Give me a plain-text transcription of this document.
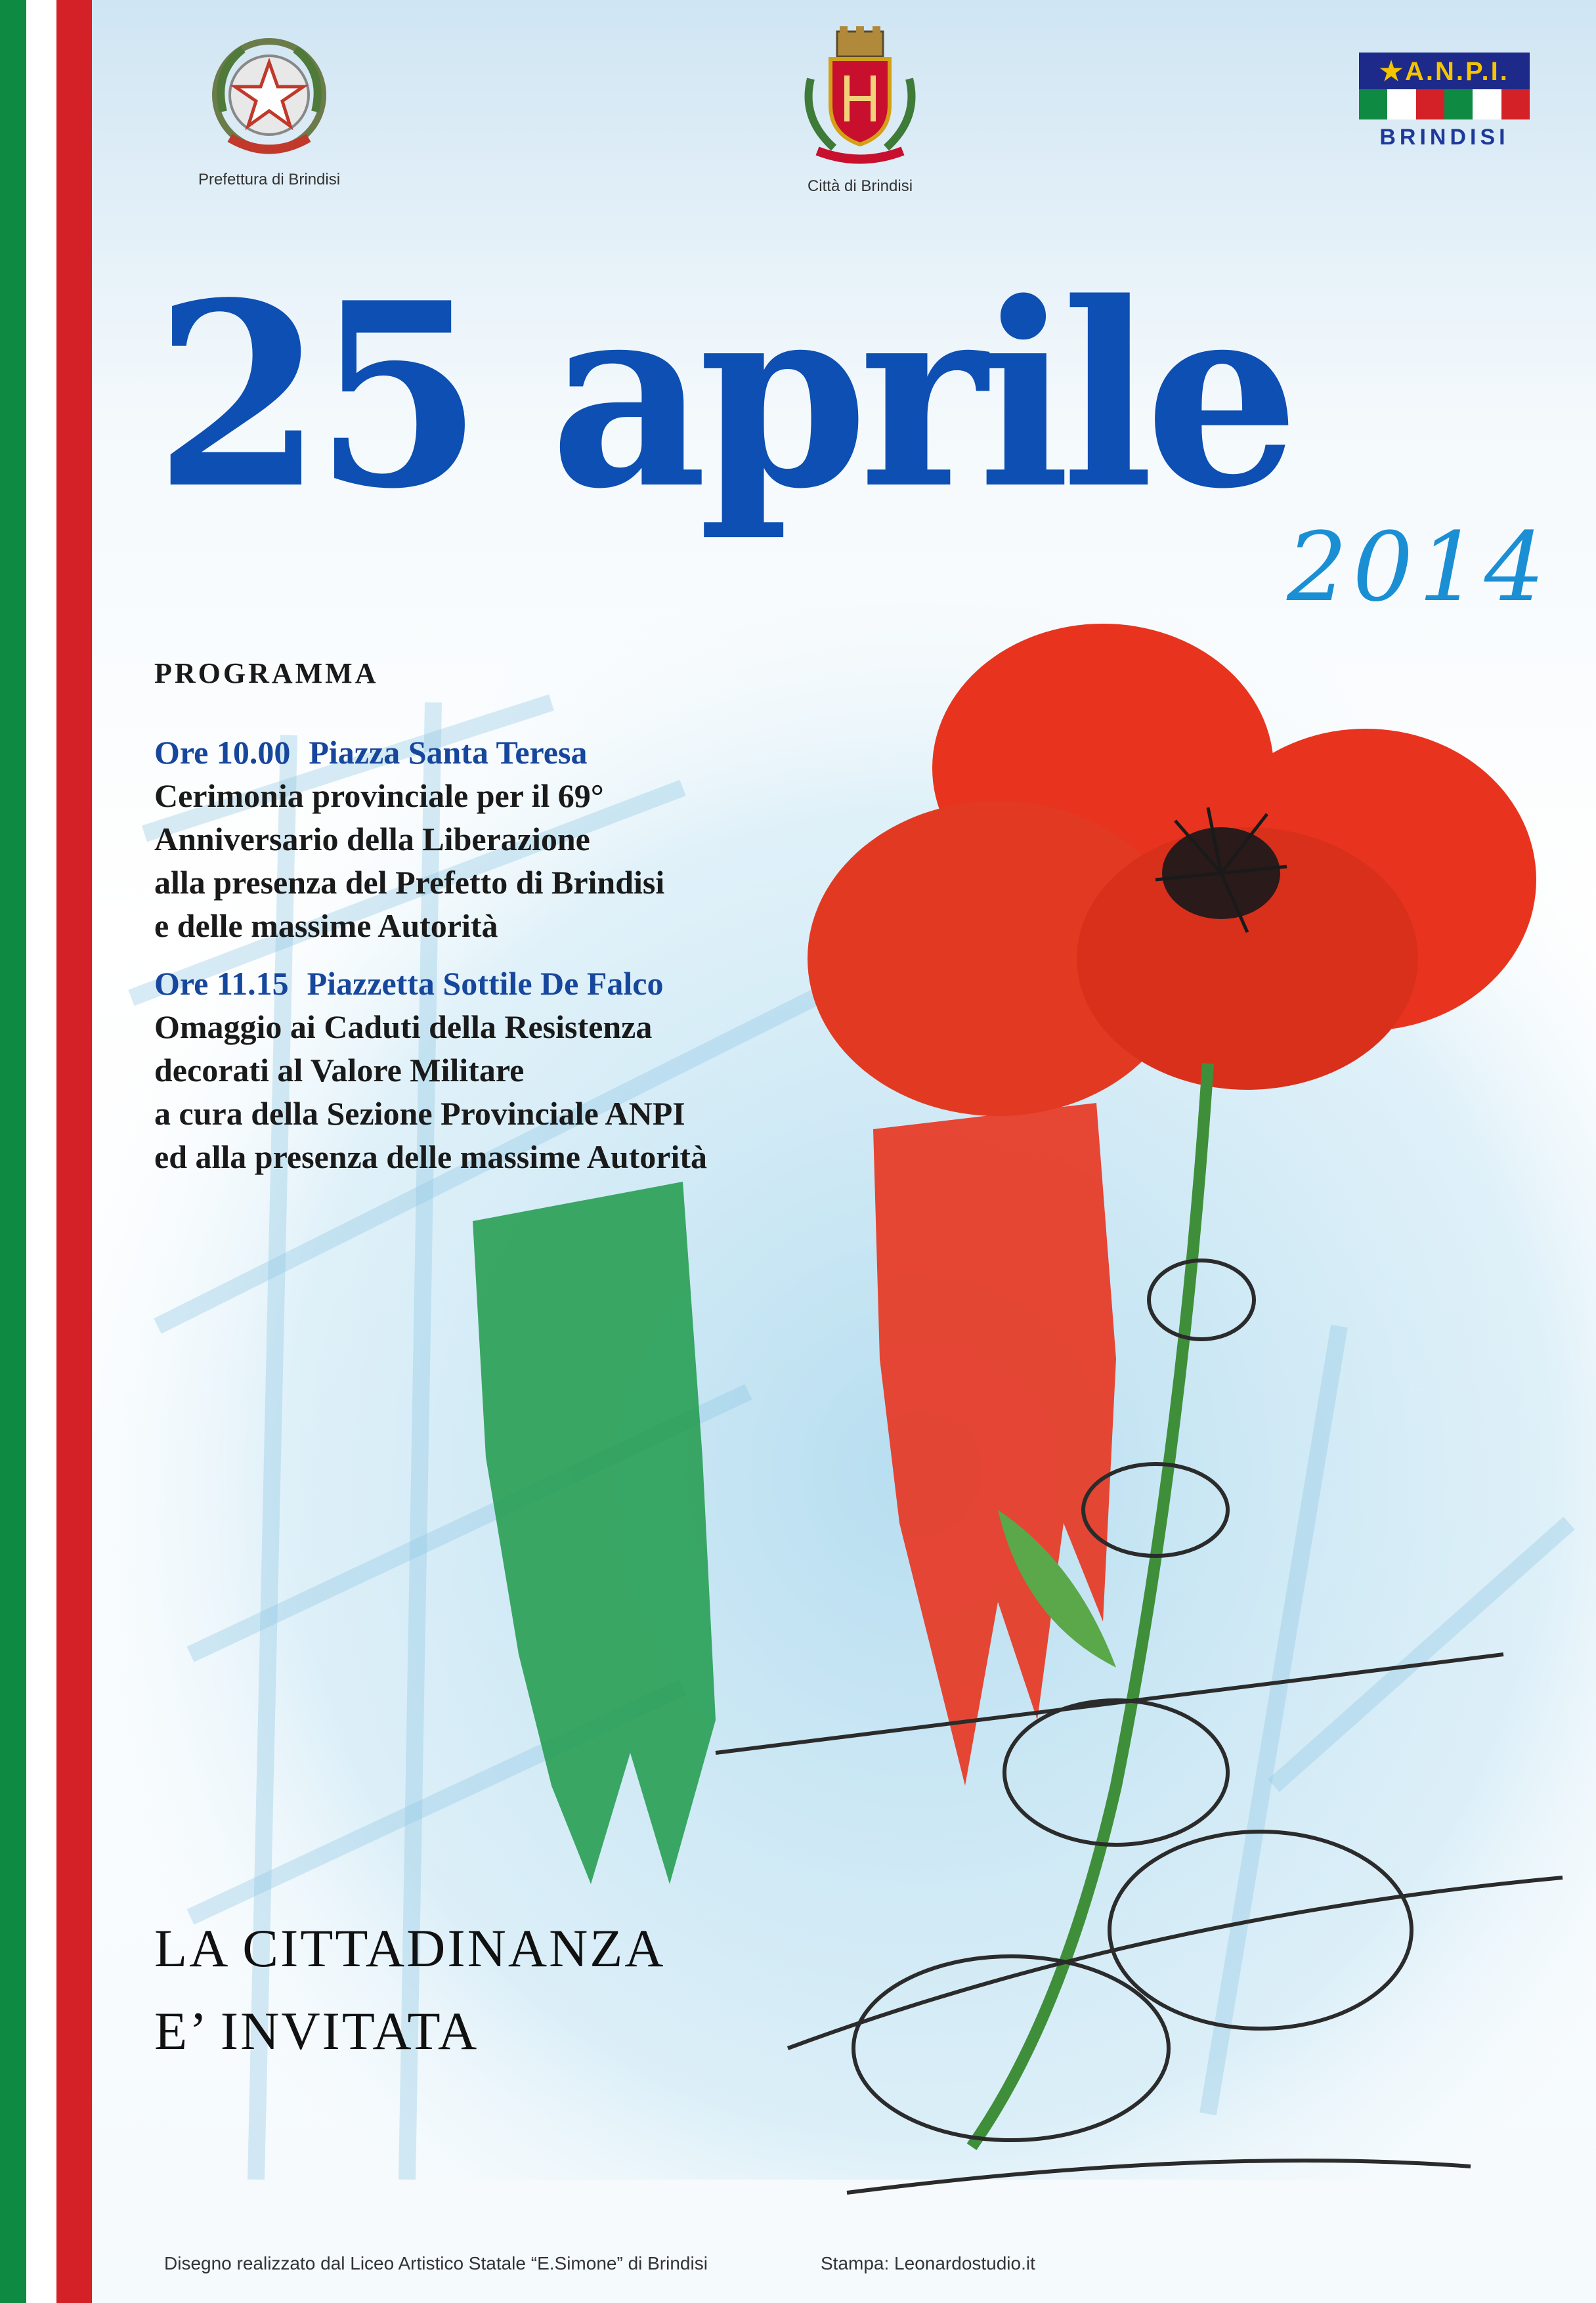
Prefettura di Brindisi	Città di Brindisi
★A.N.P.I.
BRINDISI
25 aprile
2014
PROGRAMMA
Ore 10.00 Piazza Santa Teresa
Cerimonia provinciale per il 69°
Anniversario della Liberazione
alla presenza del Prefetto di Brindisi
e delle massime Autorità
Ore 11.15 Piazzetta Sottile De Falco
Omaggio ai Caduti della Resistenza
decorati al Valore Militare
a cura della Sezione Provinciale ANPI
ed alla presenza delle massime Autorità
LA CITTADINANZA
E’ INVITATA
Disegno realizzato dal Liceo Artistico Statale “E.Simone” di Brindisi	Stampa: Leonardostudio.it
